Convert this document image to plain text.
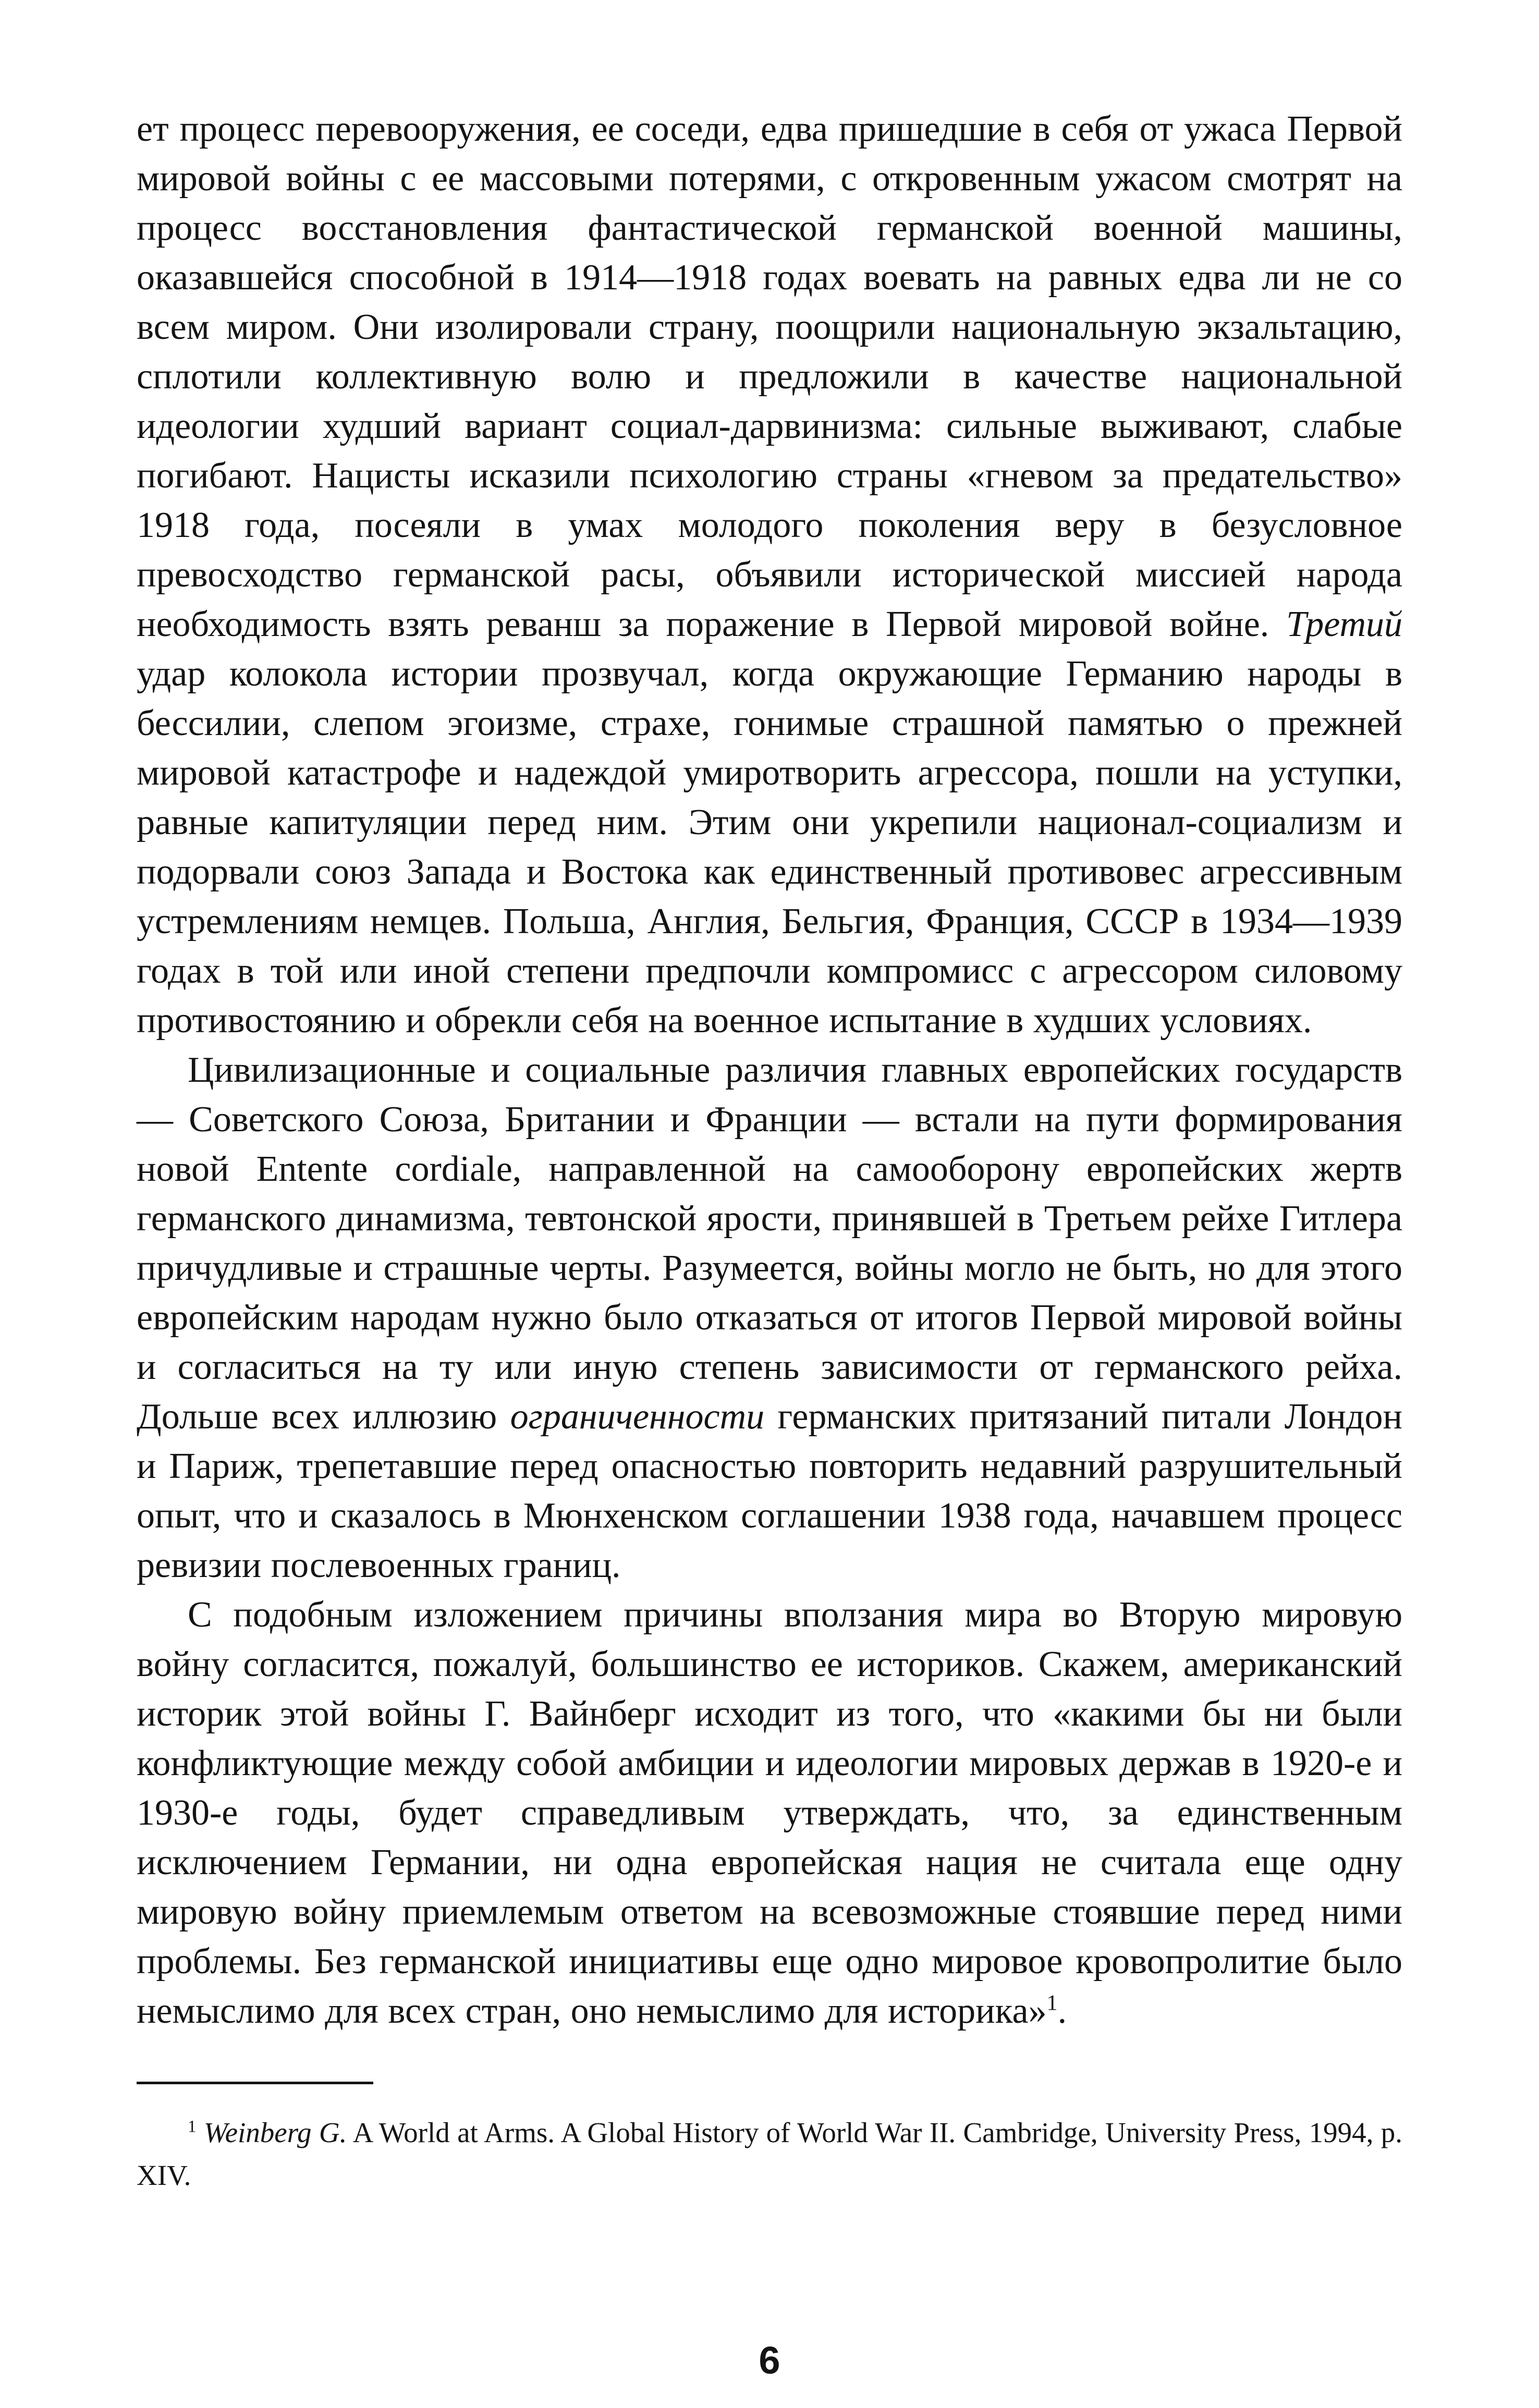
ет процесс перевооружения, ее соседи, едва пришедшие в себя от ужаса Первой мировой войны с ее массовыми потерями, с откровенным ужасом смотрят на процесс восстановления фантастической германской военной машины, оказавшейся способной в 1914—1918 годах воевать на равных едва ли не со всем миром. Они изолировали страну, поощрили национальную экзальтацию, сплотили коллективную волю и предложили в качестве национальной идеологии худший вариант социал-дарвинизма: сильные выживают, слабые погибают. Нацисты исказили психологию страны «гневом за предательство» 1918 года, посеяли в умах молодого поколения веру в безусловное превосходство германской расы, объявили исторической миссией народа необходимость взять реванш за поражение в Первой мировой войне. Третий удар колокола истории прозвучал, когда окружающие Германию народы в бессилии, слепом эгоизме, страхе, гонимые страшной памятью о прежней мировой катастрофе и надеждой умиротворить агрессора, пошли на уступки, равные капитуляции перед ним. Этим они укрепили национал-социализм и подорвали союз Запада и Востока как единственный противовес агрессивным устремлениям немцев. Польша, Англия, Бельгия, Франция, СССР в 1934—1939 годах в той или иной степени предпочли компромисс с агрессором силовому противостоянию и обрекли себя на военное испытание в худших условиях.

Цивилизационные и социальные различия главных европейских государств — Советского Союза, Британии и Франции — встали на пути формирования новой Entente cordiale, направленной на самооборону европейских жертв германского динамизма, тевтонской ярости, принявшей в Третьем рейхе Гитлера причудливые и страшные черты. Разумеется, войны могло не быть, но для этого европейским народам нужно было отказаться от итогов Первой мировой войны и согласиться на ту или иную степень зависимости от германского рейха. Дольше всех иллюзию ограниченности германских притязаний питали Лондон и Париж, трепетавшие перед опасностью повторить недавний разрушительный опыт, что и сказалось в Мюнхенском соглашении 1938 года, начавшем процесс ревизии послевоенных границ.

С подобным изложением причины вползания мира во Вторую мировую войну согласится, пожалуй, большинство ее историков. Скажем, американский историк этой войны Г. Вайнберг исходит из того, что «какими бы ни были конфликтующие между собой амбиции и идеологии мировых держав в 1920-е и 1930-е годы, будет справедливым утверждать, что, за единственным исключением Германии, ни одна европейская нация не считала еще одну мировую войну приемлемым ответом на всевозможные стоявшие перед ними проблемы. Без германской инициативы еще одно мировое кровопролитие было немыслимо для всех стран, оно немыслимо для историка»$^1$.

$^1$ Weinberg G. A World at Arms. A Global History of World War II. Cambridge, University Press, 1994, p. XIV.

6
